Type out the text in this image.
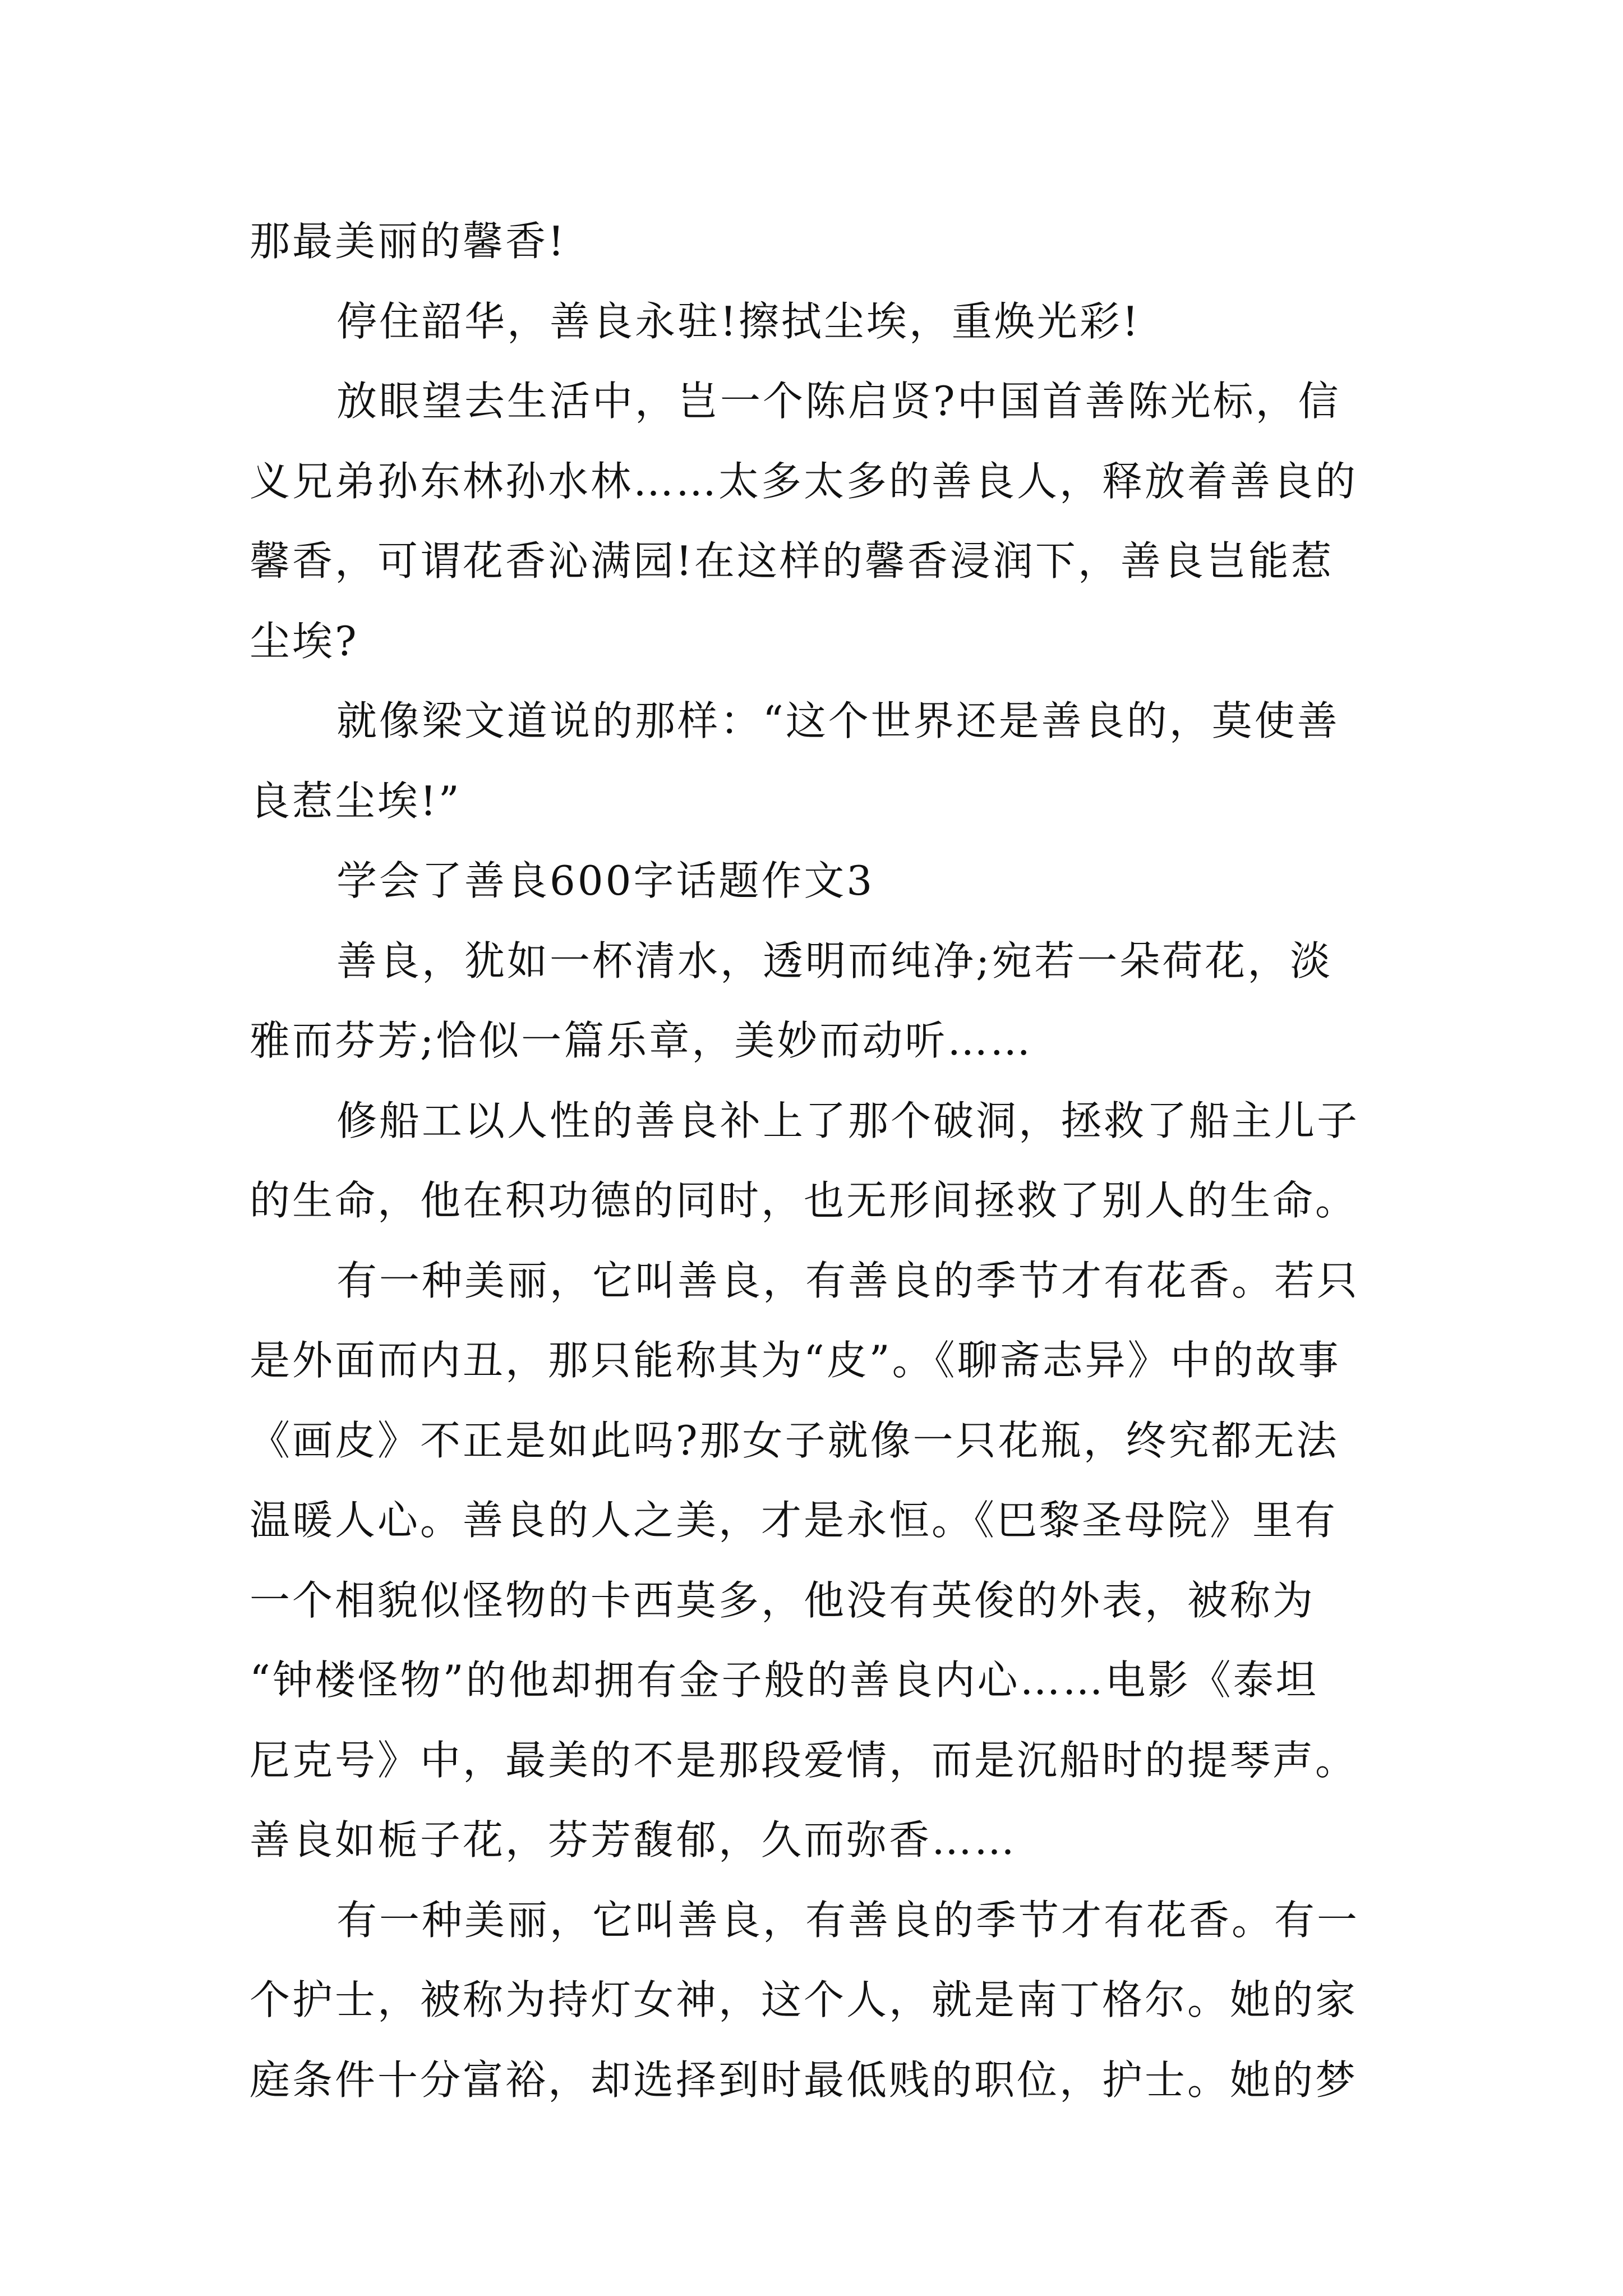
那最美丽的馨香!

停住韶华，善良永驻!擦拭尘埃，重焕光彩!

放眼望去生活中，岂一个陈启贤?中国首善陈光标，信

义兄弟孙东林孙水林……太多太多的善良人，释放着善良的

馨香，可谓花香沁满园!在这样的馨香浸润下，善良岂能惹

尘埃?

就像梁文道说的那样：“这个世界还是善良的，莫使善

良惹尘埃!”

学会了善良600字话题作文3

善良，犹如一杯清水，透明而纯净;宛若一朵荷花，淡

雅而芬芳;恰似一篇乐章，美妙而动听……

修船工以人性的善良补上了那个破洞，拯救了船主儿子

的生命，他在积功德的同时，也无形间拯救了别人的生命。

有一种美丽，它叫善良，有善良的季节才有花香。若只

是外面而内丑，那只能称其为“皮”。《聊斋志异》中的故事

《画皮》不正是如此吗?那女子就像一只花瓶，终究都无法

温暖人心。善良的人之美，才是永恒。《巴黎圣母院》里有

一个相貌似怪物的卡西莫多，他没有英俊的外表，被称为

“钟楼怪物”的他却拥有金子般的善良内心……电影《泰坦

尼克号》中，最美的不是那段爱情，而是沉船时的提琴声。

善良如栀子花，芬芳馥郁，久而弥香……

有一种美丽，它叫善良，有善良的季节才有花香。有一

个护士，被称为持灯女神，这个人，就是南丁格尔。她的家

庭条件十分富裕，却选择到时最低贱的职位，护士。她的梦
